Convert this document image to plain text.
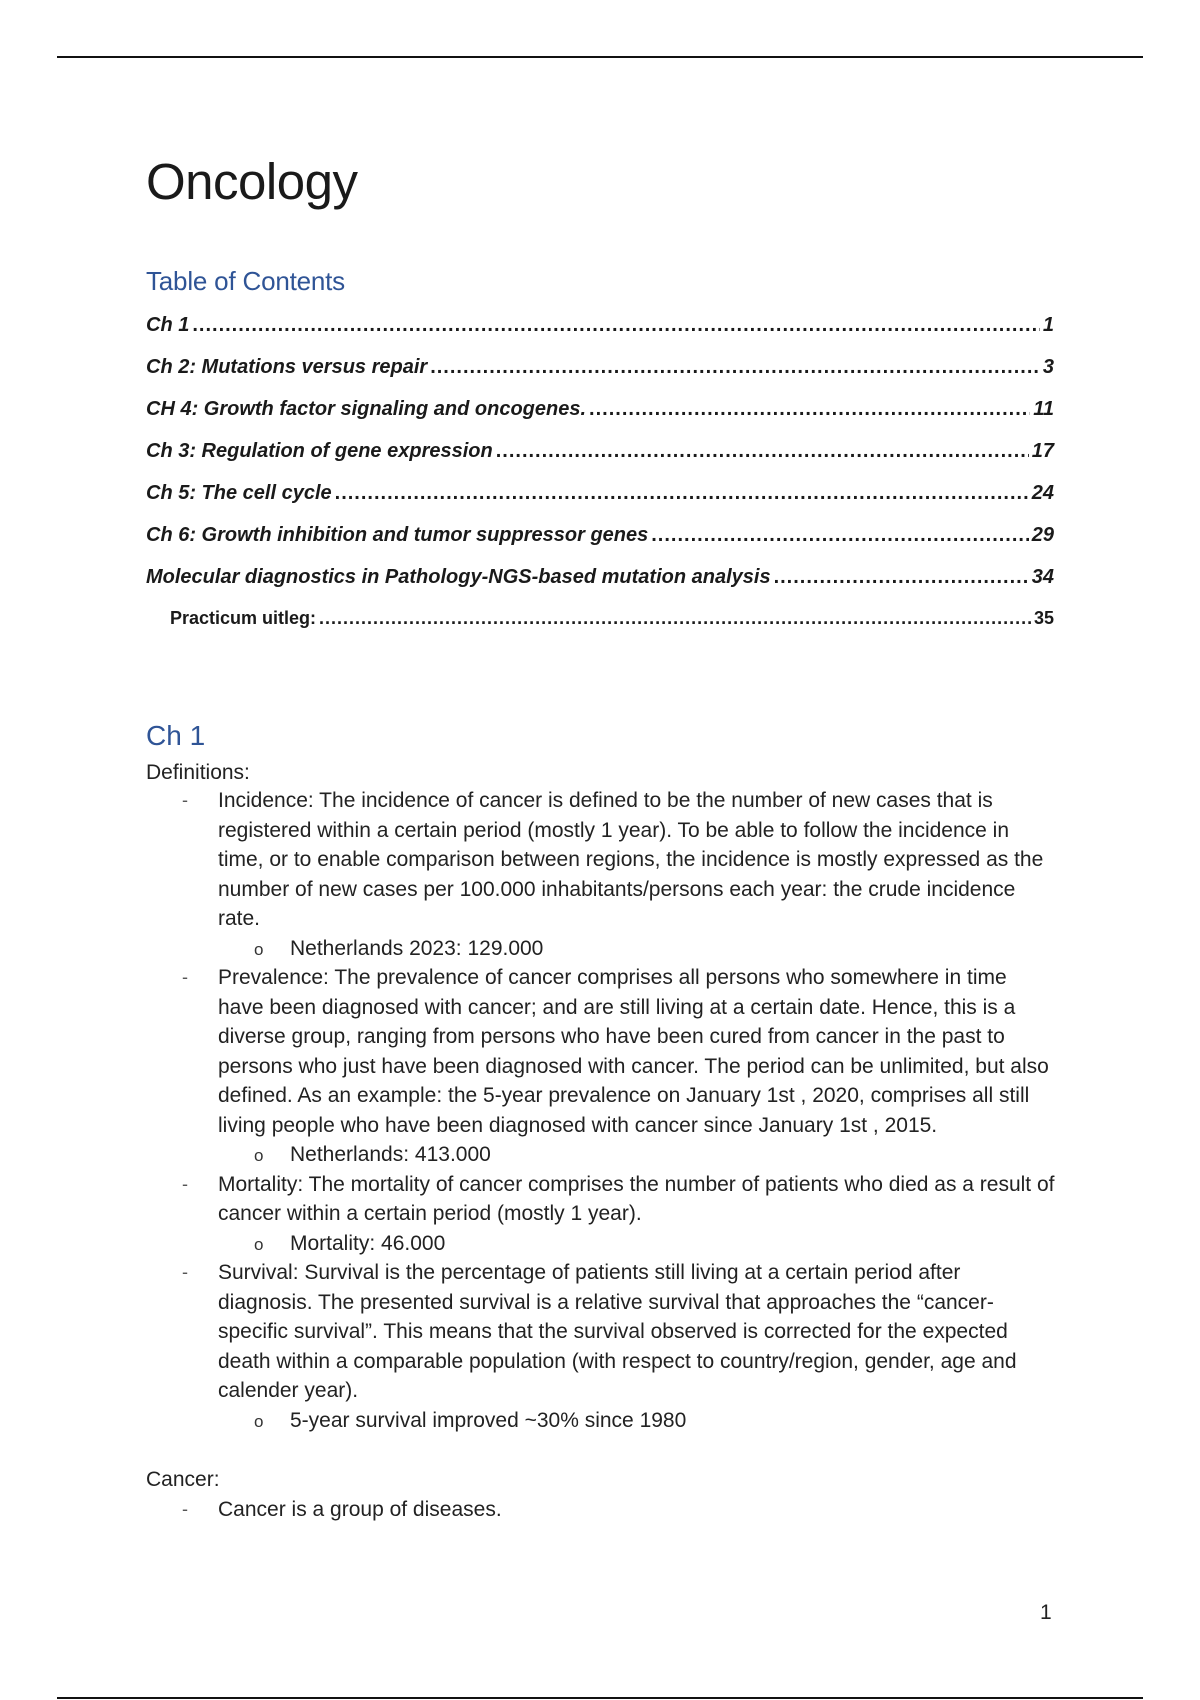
Oncology
Table of Contents
Ch 1 .....	1
Ch 2: Mutations versus repair .....	3
CH 4: Growth factor signaling and oncogenes. .....	11
Ch 3: Regulation of gene expression .....	17
Ch 5: The cell cycle .....	24
Ch 6: Growth inhibition and tumor suppressor genes .....	29
Molecular diagnostics in Pathology-NGS-based mutation analysis .....	34
Practicum uitleg: .....	35
Ch 1
Definitions:
- Incidence: The incidence of cancer is defined to be the number of new cases that is registered within a certain period (mostly 1 year). To be able to follow the incidence in time, or to enable comparison between regions, the incidence is mostly expressed as the number of new cases per 100.000 inhabitants/persons each year: the crude incidence rate.
o Netherlands 2023: 129.000
- Prevalence: The prevalence of cancer comprises all persons who somewhere in time have been diagnosed with cancer; and are still living at a certain date. Hence, this is a diverse group, ranging from persons who have been cured from cancer in the past to persons who just have been diagnosed with cancer. The period can be unlimited, but also defined. As an example: the 5-year prevalence on January 1st , 2020, comprises all still living people who have been diagnosed with cancer since January 1st , 2015.
o Netherlands: 413.000
- Mortality: The mortality of cancer comprises the number of patients who died as a result of cancer within a certain period (mostly 1 year).
o Mortality: 46.000
- Survival: Survival is the percentage of patients still living at a certain period after diagnosis. The presented survival is a relative survival that approaches the “cancer-specific survival”. This means that the survival observed is corrected for the expected death within a comparable population (with respect to country/region, gender, age and calender year).
o 5-year survival improved ~30% since 1980
Cancer:
- Cancer is a group of diseases.
1
